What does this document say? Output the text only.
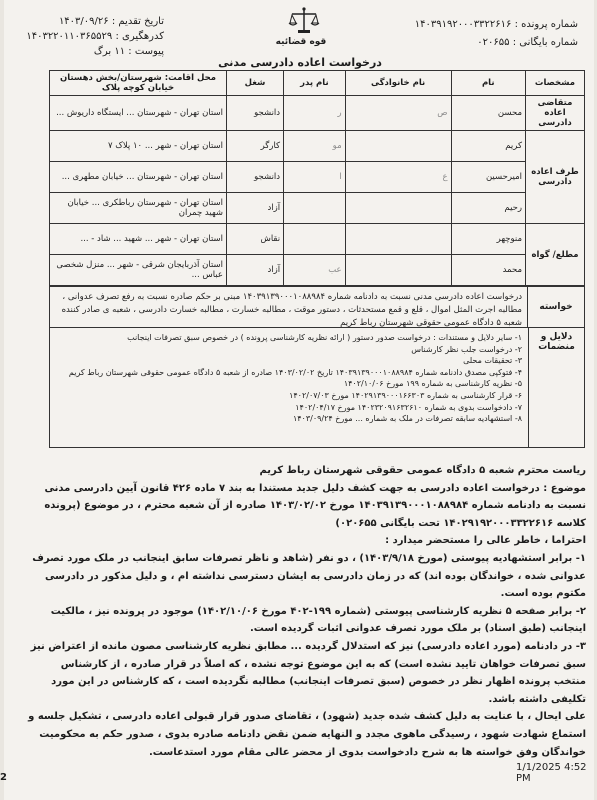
تاریخ تقدیم : ۱۴۰۳/۰۹/۲۶
کدرهگیری : ۱۴۰۳۲۲۰۱۱۰۳۶۵۵۲۹
پیوست : ۱۱ برگ
قوه قضائیه
شماره پرونده : ۱۴۰۳۹۱۹۲۰۰۰۳۳۲۲۶۱۶
شماره بایگانی : ۰۲۰۶۵۵
درخواست اعاده دادرسی مدنی
مشخصات	نام	نام خانوادگی	نام پدر	شغل	محل اقامت: شهرستان/بخش دهستان خیابان کوچه پلاک
متقاضی اعاده دادرسی	محسن	ص	ر	دانشجو	استان تهران - شهرستان ... ایستگاه داریوش ...
طرف اعاده دادرسی	کریم		مو	کارگر	استان تهران - شهر ... ۱۰ پلاک ۷
	امیرحسین	ع	ا	دانشجو	استان تهران - شهرستان ... خیابان مطهری ...
	رحیم			آزاد	استان تهران - شهرستان رباطکری ... خیابان شهید چمران
مطلع/ گواه	منوچهر			نقاش	استان تهران - شهر ... شهید ... شاد - ...
	محمد		عب	آزاد	استان آذربایجان شرقی - شهر ... منزل شخصی عباس ...
خواسته
درخواست اعاده دادرسی مدنی نسبت به دادنامه شماره ۱۴۰۳۹۱۳۹۰۰۰۱۰۸۸۹۸۴ مبنی بر حکم صادره نسبت به رفع تصرف عدوانی ، مطالبه اجرت المثل اموال ، قلع و قمع مستحدثات ، دستور موقت ، مطالبه خسارت ، مطالبه خسارت دادرسی ، شعبه ی صادر کننده شعبه ۵ دادگاه عمومی حقوقی شهرستان رباط کریم
دلایل و منضمات
۱- سایر دلایل و مستندات : درخواست صدور دستور ( ارائه نظریه کارشناسی پرونده ) در خصوص سبق تصرفات اینجانب
۲- درخواست جلب نظر کارشناس
۳- تحقیقات محلی
۴- فتوکپی مصدق دادنامه شماره ۱۴۰۳۹۱۳۹۰۰۰۱۰۸۸۹۸۴ تاریخ ۱۴۰۳/۰۲/۰۲ صادره از شعبه ۵ دادگاه عمومی حقوقی شهرستان رباط کریم
۵- نظریه کارشناسی به شماره ۱۹۹ مورخ ۱۴۰۲/۱۰/۰۶
۶- قرار کارشناسی به شماره ۱۴۰۲۹۱۳۹۰۰۰۱۶۶۳۰۳ مورخ ۱۴۰۲/۰۷/۰۳
۷- دادخواست بدوی به شماره ۱۴۰۲۳۲۰۹۱۶۳۲۶۱۰ مورخ ۱۴۰۲/۰۴/۱۷
۸- استشهادیه سابقه تصرفات در ملک به شماره ... مورخ ۱۴۰۳/۰۹/۲۴

ریاست محترم شعبه ۵ دادگاه عمومی حقوقی شهرستان رباط کریم

موضوع : درخواست اعاده دادرسی به جهت کشف دلیل جدید مستندا به بند ۷ ماده ۴۲۶ قانون آیین دادرسی مدنی نسبت به دادنامه شماره ۱۴۰۳۹۱۳۹۰۰۰۱۰۸۸۹۸۴ مورخ ۱۴۰۳/۰۲/۰۲ صادره از آن شعبه محترم ، در موضوع (پرونده کلاسه ۱۴۰۲۹۱۹۲۰۰۰۳۳۲۲۶۱۶ تحت بایگانی ۰۲۰۶۵۵)

احتراما ، خاطر عالی را مستحضر میدارد :

۱- برابر استشهادیه پیوستی (مورخ ۱۴۰۳/۹/۱۸) ، دو نفر (شاهد و ناظر تصرفات سابق اینجانب در ملک مورد تصرف عدوانی شده ، خواندگان بوده اند) که در زمان دادرسی به ایشان دسترسی نداشته ام ، و دلیل مذکور در دادرسی مکتوم بوده است.

۲- برابر صفحه ۵ نظریه کارشناسی پیوستی (شماره ۱۹۹-۴۰۲ مورخ ۱۴۰۲/۱۰/۰۶) موجود در پرونده نیز ، مالکیت اینجانب (طبق اسناد) بر ملک مورد تصرف عدوانی اثبات گردیده است.

۳- در دادنامه (مورد اعاده دادرسی) نیز که استدلال گردیده ... مطابق نظریه کارشناسی مصون مانده از اعتراض نیز سبق تصرفات خواهان تایید نشده است) که به این موضوع توجه نشده ، که اصلاً در قرار صادره ، از کارشناس منتخب پرونده اظهار نظر در خصوص (سبق تصرفات اینجانب) مطالبه نگردیده است ، که کارشناس در این مورد تکلیفی داشته باشد.

علی ایحال ، با عنایت به دلیل کشف شده جدید (شهود) ، تقاضای صدور قرار قبولی اعاده دادرسی ، تشکیل جلسه و استماع شهادت شهود ، رسیدگی ماهوی مجدد و النهایه ضمن نقض دادنامه صادره بدوی ، صدور حکم به محکومیت خواندگان وفق خواسته ها به شرح دادخواست بدوی از محضر عالی مقام مورد استدعاست.

1/1/2025 4:52 PM
2
